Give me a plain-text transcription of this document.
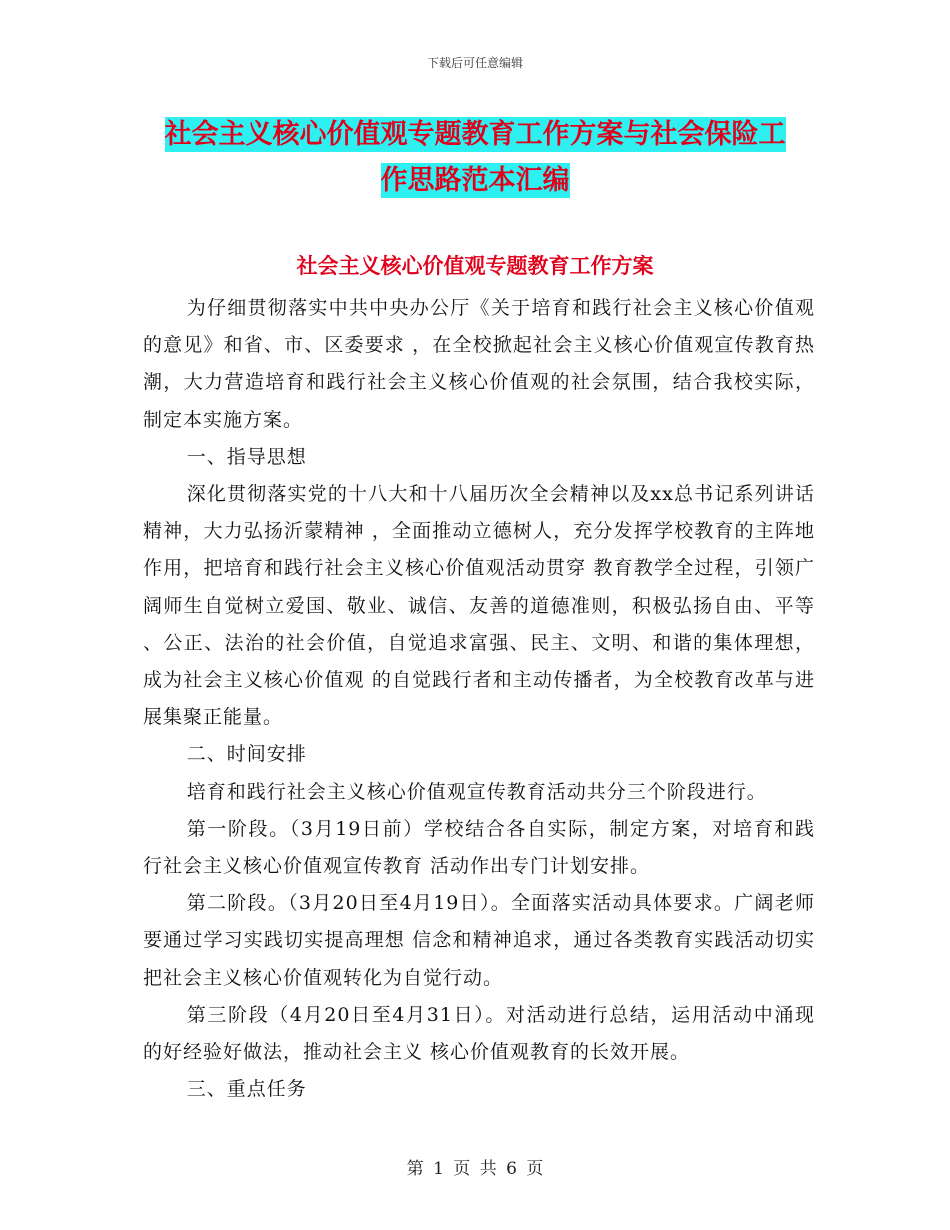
下载后可任意编辑
社会主义核心价值观专题教育工作方案与社会保险工
作思路范本汇编
社会主义核心价值观专题教育工作方案

为仔细贯彻落实中共中央办公厅《关于培育和践行社会主义核心价值观的意见》和省、市、区委要求 ，在全校掀起社会主义核心价值观宣传教育热潮，大力营造培育和践行社会主义核心价值观的社会氛围，结合我校实际，制定本实施方案。

一、指导思想

深化贯彻落实党的十八大和十八届历次全会精神以及xx总书记系列讲话精神，大力弘扬沂蒙精神 ，全面推动立德树人，充分发挥学校教育的主阵地作用，把培育和践行社会主义核心价值观活动贯穿 教育教学全过程，引领广阔师生自觉树立爱国、敬业、诚信、友善的道德准则，积极弘扬自由、平等 、公正、法治的社会价值，自觉追求富强、民主、文明、和谐的集体理想，成为社会主义核心价值观 的自觉践行者和主动传播者，为全校教育改革与进展集聚正能量。

二、时间安排

培育和践行社会主义核心价值观宣传教育活动共分三个阶段进行。

第一阶段。（3月19日前）学校结合各自实际，制定方案，对培育和践行社会主义核心价值观宣传教育 活动作出专门计划安排。

第二阶段。（3月20日至4月19日）。全面落实活动具体要求。广阔老师要通过学习实践切实提高理想 信念和精神追求，通过各类教育实践活动切实把社会主义核心价值观转化为自觉行动。

第三阶段（4月20日至4月31日）。对活动进行总结，运用活动中涌现的好经验好做法，推动社会主义 核心价值观教育的长效开展。

三、重点任务

第 1 页 共 6 页
